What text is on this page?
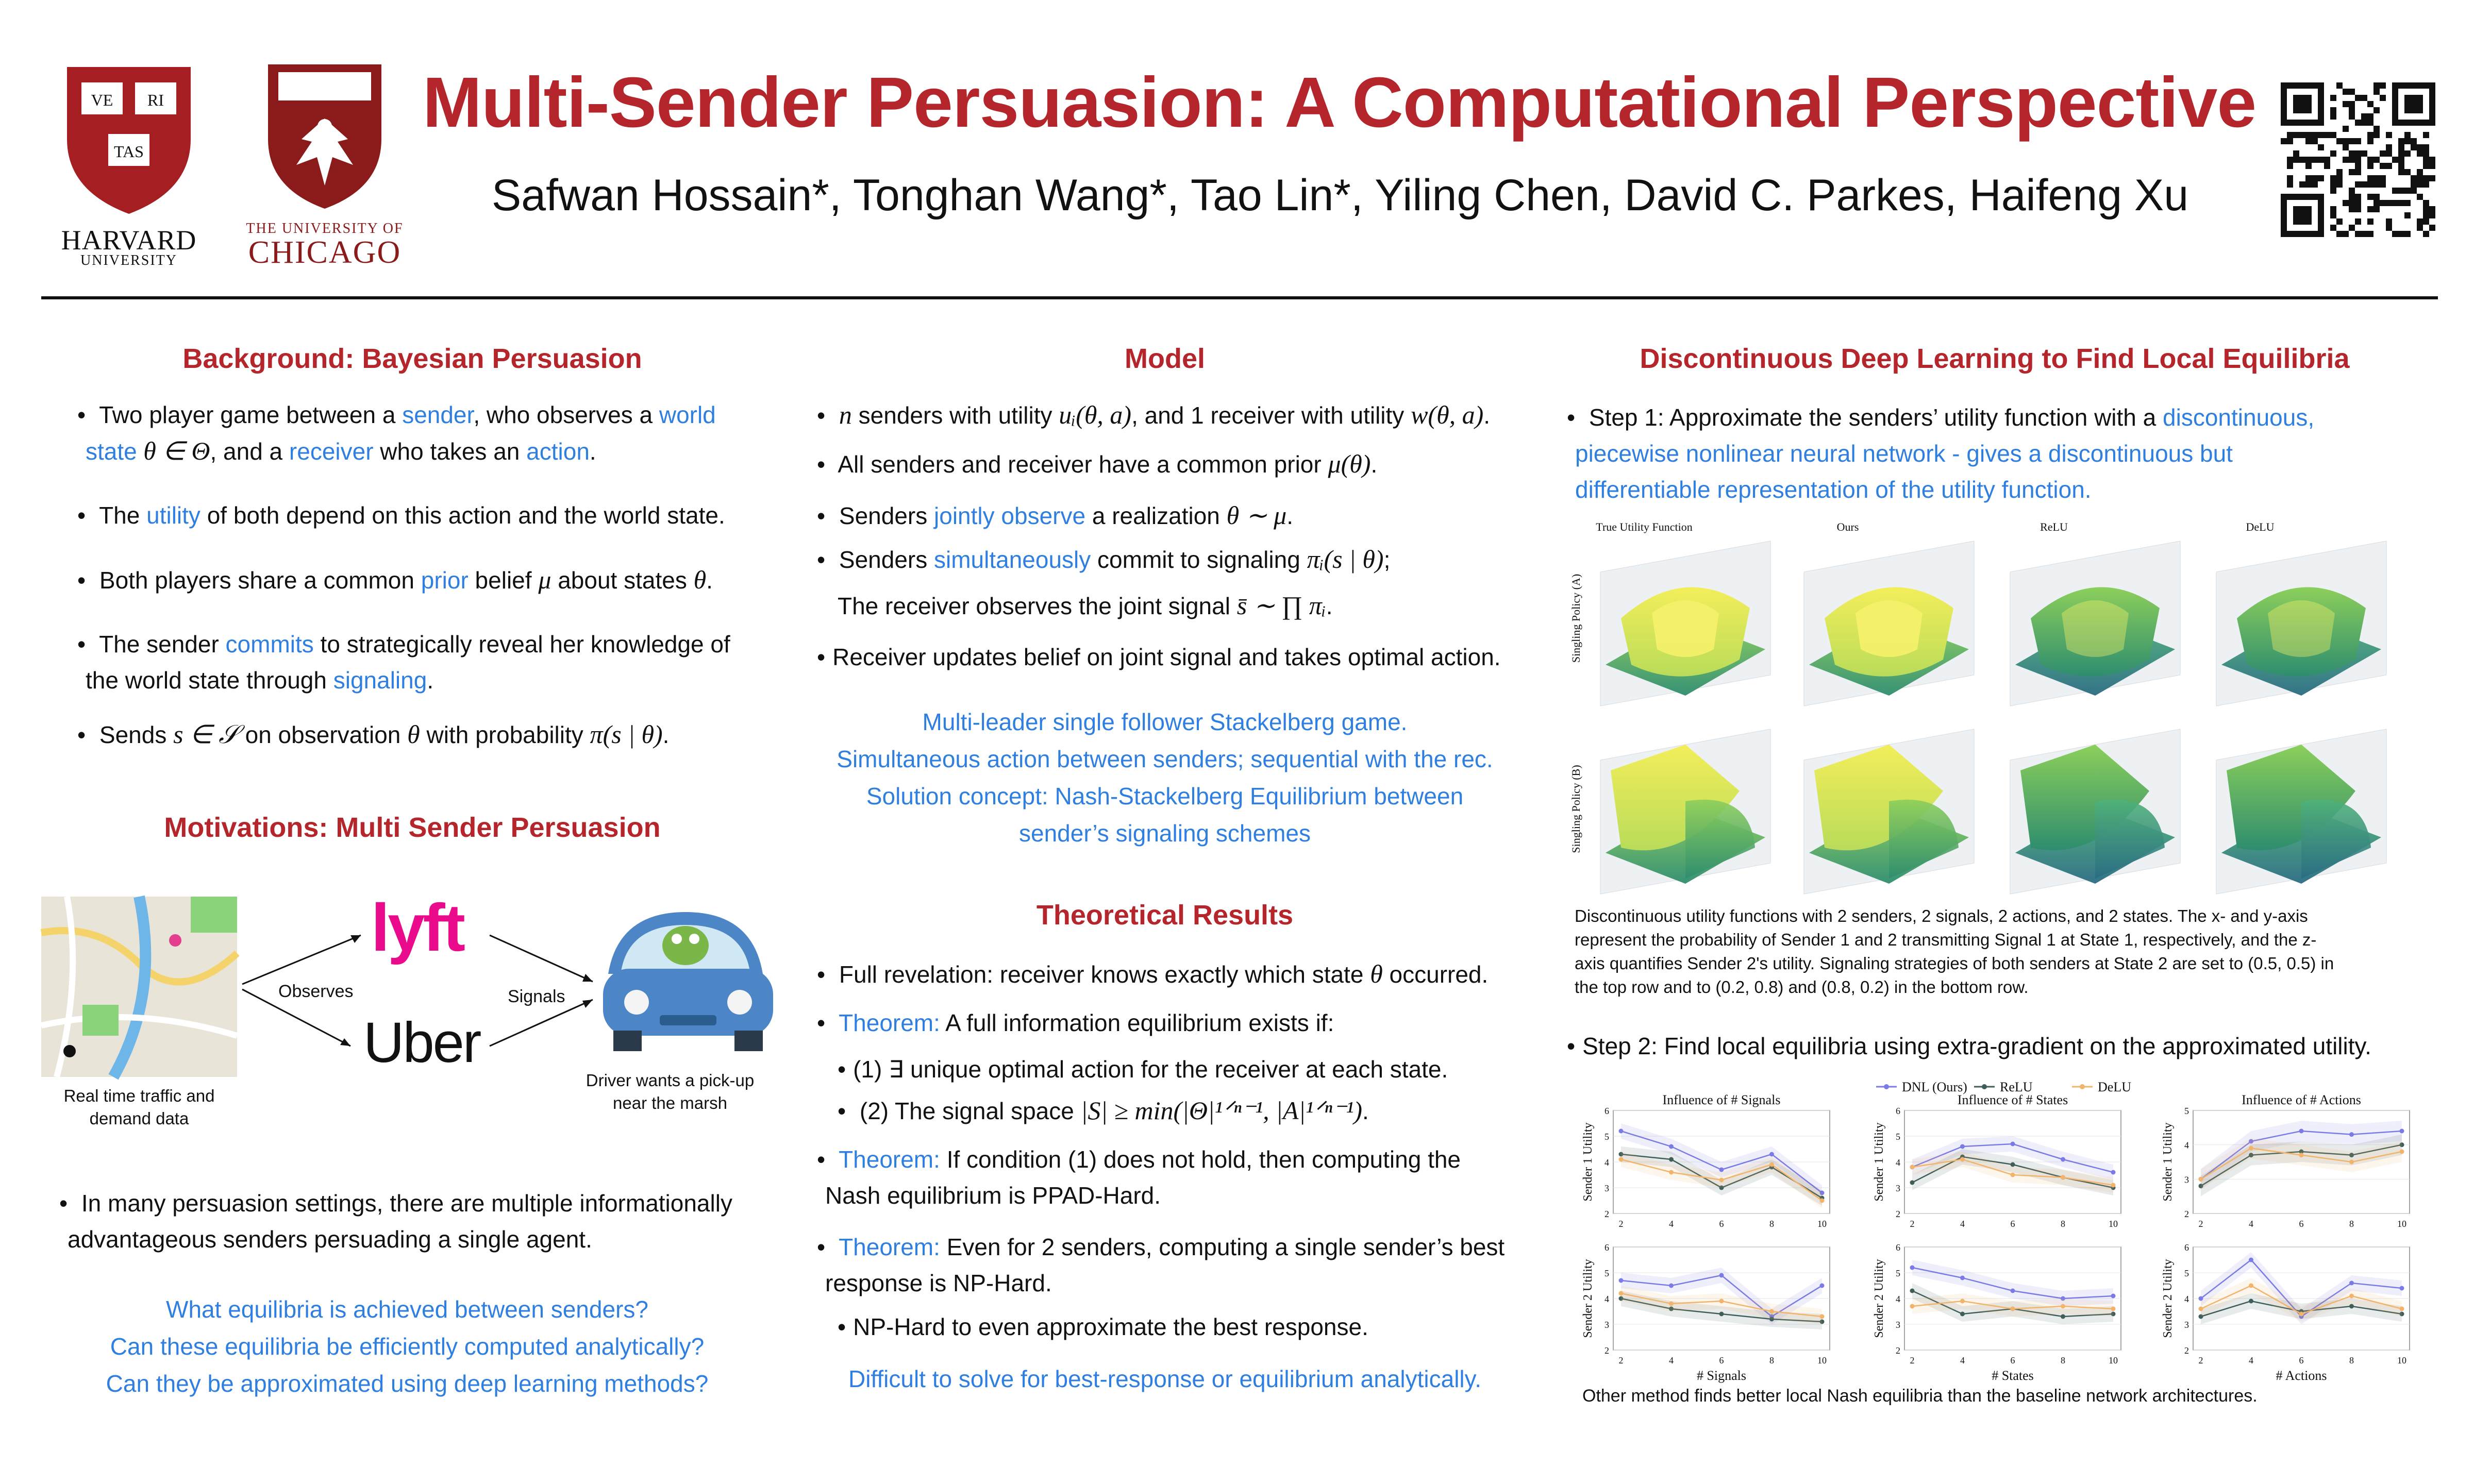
VE RI
TAS
HARVARD
UNIVERSITY
THE UNIVERSITY OF
CHICAGO
Multi-Sender Persuasion: A Computational Perspective
Safwan Hossain*, Tonghan Wang*, Tao Lin*, Yiling Chen, David C. Parkes, Haifeng Xu
Background: Bayesian Persuasion
• Two player game between a sender, who observes a world
state θ ∈ Θ, and a receiver who takes an action.
• The utility of both depend on this action and the world state.
• Both players share a common prior belief μ about states θ.
• The sender commits to strategically reveal her knowledge of
the world state through signaling.
• Sends s ∈ 𝒮 on observation θ with probability π(s | θ).
Motivations: Multi Sender Persuasion
lyft
Uber
Observes	Signals
Real time traffic and
demand data
Driver wants a pick-up
near the marsh
• In many persuasion settings, there are multiple informationally
advantageous senders persuading a single agent.
What equilibria is achieved between senders?
Can these equilibria be efficiently computed analytically?
Can they be approximated using deep learning methods?
Model
• n senders with utility uᵢ(θ, a), and 1 receiver with utility w(θ, a).
• All senders and receiver have a common prior μ(θ).
• Senders jointly observe a realization θ ∼ μ.
• Senders simultaneously commit to signaling πᵢ(s | θ);
The receiver observes the joint signal s̄ ∼ ∏ πᵢ.
• Receiver updates belief on joint signal and takes optimal action.
Multi-leader single follower Stackelberg game.
Simultaneous action between senders; sequential with the rec.
Solution concept: Nash-Stackelberg Equilibrium between
sender’s signaling schemes
Theoretical Results
• Full revelation: receiver knows exactly which state θ occurred.
• Theorem: A full information equilibrium exists if:
• (1) ∃ unique optimal action for the receiver at each state.
• (2) The signal space |S| ≥ min(|Θ|¹ᐟⁿ⁻¹, |A|¹ᐟⁿ⁻¹).
• Theorem: If condition (1) does not hold, then computing the
Nash equilibrium is PPAD-Hard.
• Theorem: Even for 2 senders, computing a single sender’s best
response is NP-Hard.
• NP-Hard to even approximate the best response.
Difficult to solve for best-response or equilibrium analytically.
Discontinuous Deep Learning to Find Local Equilibria
• Step 1: Approximate the senders’ utility function with a discontinuous,
piecewise nonlinear neural network - gives a discontinuous but
differentiable representation of the utility function.
Singling Policy (A)
Singling Policy (B)
True Utility Function	Ours	ReLU	DeLU
Discontinuous utility functions with 2 senders, 2 signals, 2 actions, and 2 states. The x- and y-axis
represent the probability of Sender 1 and 2 transmitting Signal 1 at State 1, respectively, and the z-
axis quantifies Sender 2's utility. Signaling strategies of both senders at State 2 are set to (0.5, 0.5) in
the top row and to (0.2, 0.8) and (0.8, 0.2) in the bottom row.
• Step 2: Find local equilibria using extra-gradient on the approximated utility.
DNL (Ours) ReLU	DeLU
2
3
4
5
6
2	4	6	8	10
Influence of # Signals
Sender 1 Utility
2
3
4
5
6
2	4	6	8	10
Influence of # States
Sender 1 Utility
2
3
4
5
2	4	6	8	10
Influence of # Actions
Sender 1 Utility
2
3
4
5
6
2	4	6	8	10
# Signals
Sender 2 Utility
2
3
4
5
6
2	4	6	8	10
# States
Sender 2 Utility
2
3
4
5
6
2	4	6	8	10
# Actions
Sender 2 Utility
Other method finds better local Nash equilibria than the baseline network architectures.
